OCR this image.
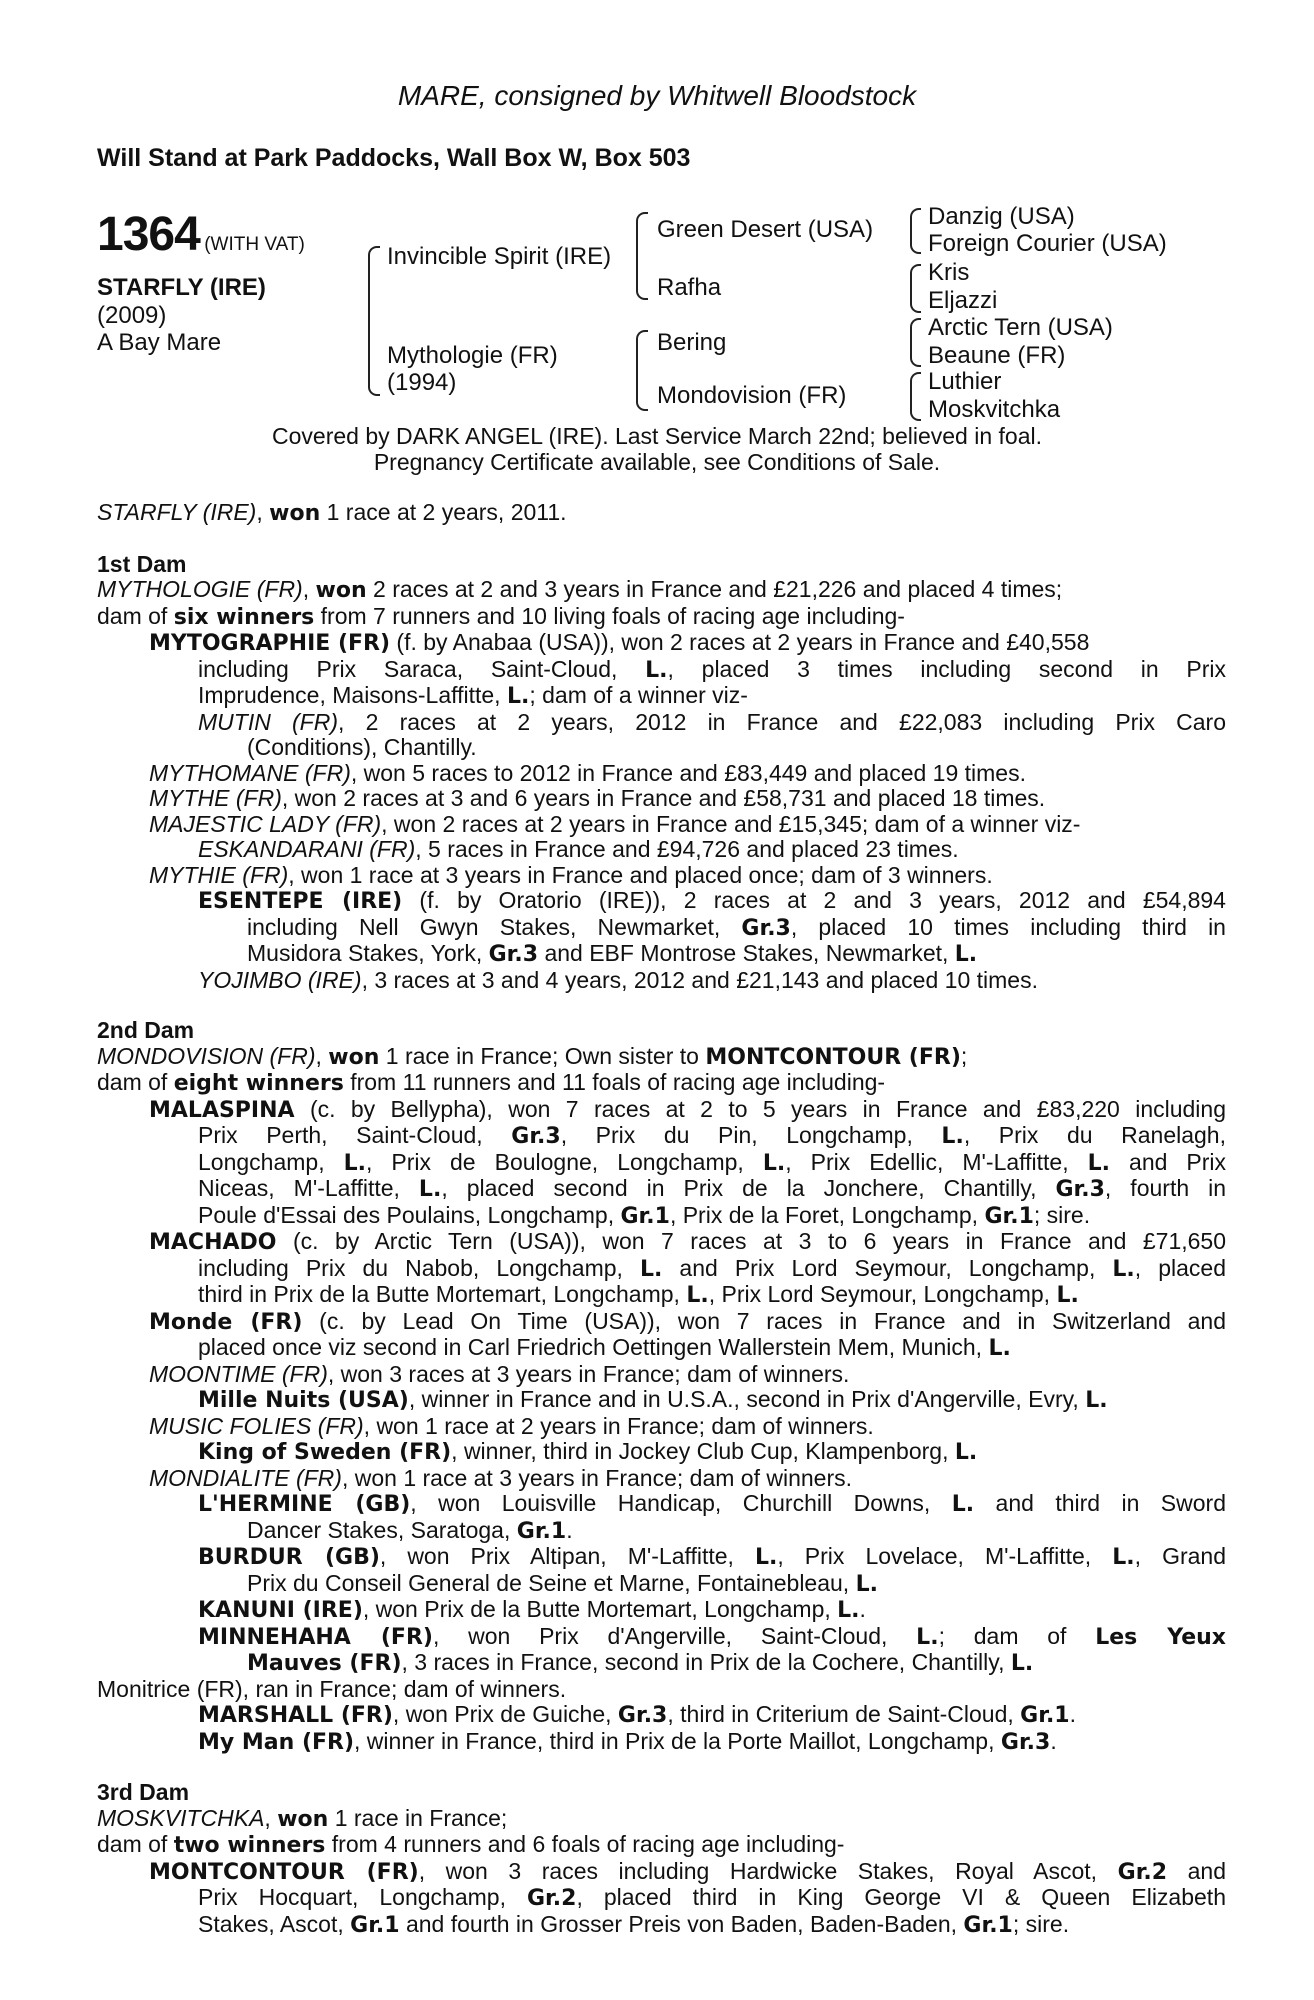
MARE, consigned by Whitwell Bloodstock
Will Stand at Park Paddocks, Wall Box W, Box 503
1364 (WITH VAT)
STARFLY (IRE)
(2009)
A Bay Mare
Invincible Spirit (IRE)
Mythologie (FR)
(1994)
Green Desert (USA)
Rafha
Bering
Mondovision (FR)
Danzig (USA)
Foreign Courier (USA)
Kris
Eljazzi
Arctic Tern (USA)
Beaune (FR)
Luthier
Moskvitchka
Covered by DARK ANGEL (IRE). Last Service March 22nd; believed in foal.
Pregnancy Certificate available, see Conditions of Sale.
STARFLY (IRE), won 1 race at 2 years, 2011.
1st Dam
MYTHOLOGIE (FR), won 2 races at 2 and 3 years in France and £21,226 and placed 4 times;
dam of six winners from 7 runners and 10 living foals of racing age including-
MYTOGRAPHIE (FR) (f. by Anabaa (USA)), won 2 races at 2 years in France and £40,558
including Prix Saraca, Saint-Cloud, L., placed 3 times including second in Prix
Imprudence, Maisons-Laffitte, L.; dam of a winner viz-
MUTIN (FR), 2 races at 2 years, 2012 in France and £22,083 including Prix Caro
(Conditions), Chantilly.
MYTHOMANE (FR), won 5 races to 2012 in France and £83,449 and placed 19 times.
MYTHE (FR), won 2 races at 3 and 6 years in France and £58,731 and placed 18 times.
MAJESTIC LADY (FR), won 2 races at 2 years in France and £15,345; dam of a winner viz-
ESKANDARANI (FR), 5 races in France and £94,726 and placed 23 times.
MYTHIE (FR), won 1 race at 3 years in France and placed once; dam of 3 winners.
ESENTEPE (IRE) (f. by Oratorio (IRE)), 2 races at 2 and 3 years, 2012 and £54,894
including Nell Gwyn Stakes, Newmarket, Gr.3, placed 10 times including third in
Musidora Stakes, York, Gr.3 and EBF Montrose Stakes, Newmarket, L.
YOJIMBO (IRE), 3 races at 3 and 4 years, 2012 and £21,143 and placed 10 times.
2nd Dam
MONDOVISION (FR), won 1 race in France; Own sister to MONTCONTOUR (FR);
dam of eight winners from 11 runners and 11 foals of racing age including-
MALASPINA (c. by Bellypha), won 7 races at 2 to 5 years in France and £83,220 including
Prix Perth, Saint-Cloud, Gr.3, Prix du Pin, Longchamp, L., Prix du Ranelagh,
Longchamp, L., Prix de Boulogne, Longchamp, L., Prix Edellic, M'-Laffitte, L. and Prix
Niceas, M'-Laffitte, L., placed second in Prix de la Jonchere, Chantilly, Gr.3, fourth in
Poule d'Essai des Poulains, Longchamp, Gr.1, Prix de la Foret, Longchamp, Gr.1; sire.
MACHADO (c. by Arctic Tern (USA)), won 7 races at 3 to 6 years in France and £71,650
including Prix du Nabob, Longchamp, L. and Prix Lord Seymour, Longchamp, L., placed
third in Prix de la Butte Mortemart, Longchamp, L., Prix Lord Seymour, Longchamp, L.
Monde (FR) (c. by Lead On Time (USA)), won 7 races in France and in Switzerland and
placed once viz second in Carl Friedrich Oettingen Wallerstein Mem, Munich, L.
MOONTIME (FR), won 3 races at 3 years in France; dam of winners.
Mille Nuits (USA), winner in France and in U.S.A., second in Prix d'Angerville, Evry, L.
MUSIC FOLIES (FR), won 1 race at 2 years in France; dam of winners.
King of Sweden (FR), winner, third in Jockey Club Cup, Klampenborg, L.
MONDIALITE (FR), won 1 race at 3 years in France; dam of winners.
L'HERMINE (GB), won Louisville Handicap, Churchill Downs, L. and third in Sword
Dancer Stakes, Saratoga, Gr.1.
BURDUR (GB), won Prix Altipan, M'-Laffitte, L., Prix Lovelace, M'-Laffitte, L., Grand
Prix du Conseil General de Seine et Marne, Fontainebleau, L.
KANUNI (IRE), won Prix de la Butte Mortemart, Longchamp, L..
MINNEHAHA (FR), won Prix d'Angerville, Saint-Cloud, L.; dam of Les Yeux
Mauves (FR), 3 races in France, second in Prix de la Cochere, Chantilly, L.
Monitrice (FR), ran in France; dam of winners.
MARSHALL (FR), won Prix de Guiche, Gr.3, third in Criterium de Saint-Cloud, Gr.1.
My Man (FR), winner in France, third in Prix de la Porte Maillot, Longchamp, Gr.3.
3rd Dam
MOSKVITCHKA, won 1 race in France;
dam of two winners from 4 runners and 6 foals of racing age including-
MONTCONTOUR (FR), won 3 races including Hardwicke Stakes, Royal Ascot, Gr.2 and
Prix Hocquart, Longchamp, Gr.2, placed third in King George VI & Queen Elizabeth
Stakes, Ascot, Gr.1 and fourth in Grosser Preis von Baden, Baden-Baden, Gr.1; sire.
